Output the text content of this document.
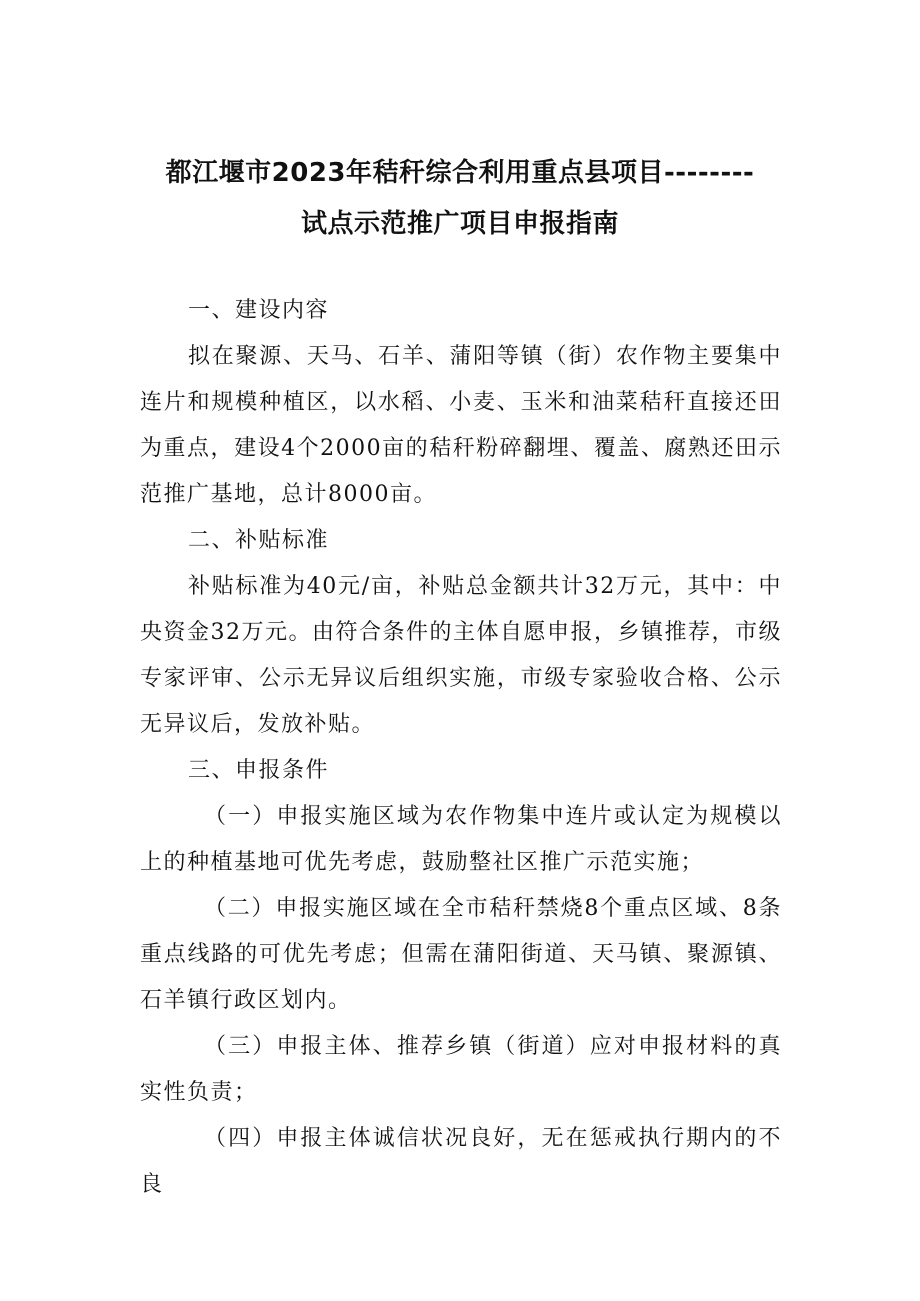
都江堰市2023年秸秆综合利用重点县项目--------
试点示范推广项目申报指南

一、建设内容

拟在聚源、天马、石羊、蒲阳等镇（街）农作物主要集中连片和规模种植区，以水稻、小麦、玉米和油菜秸秆直接还田为重点，建设4个2000亩的秸秆粉碎翻埋、覆盖、腐熟还田示范推广基地，总计8000亩。

二、补贴标准

补贴标准为40元/亩，补贴总金额共计32万元，其中：中央资金32万元。由符合条件的主体自愿申报，乡镇推荐，市级专家评审、公示无异议后组织实施，市级专家验收合格、公示无异议后，发放补贴。

三、申报条件

（一）申报实施区域为农作物集中连片或认定为规模以上的种植基地可优先考虑，鼓励整社区推广示范实施；

（二）申报实施区域在全市秸秆禁烧8个重点区域、8条重点线路的可优先考虑；但需在蒲阳街道、天马镇、聚源镇、石羊镇行政区划内。

（三）申报主体、推荐乡镇（街道）应对申报材料的真实性负责；

（四）申报主体诚信状况良好，无在惩戒执行期内的不良
